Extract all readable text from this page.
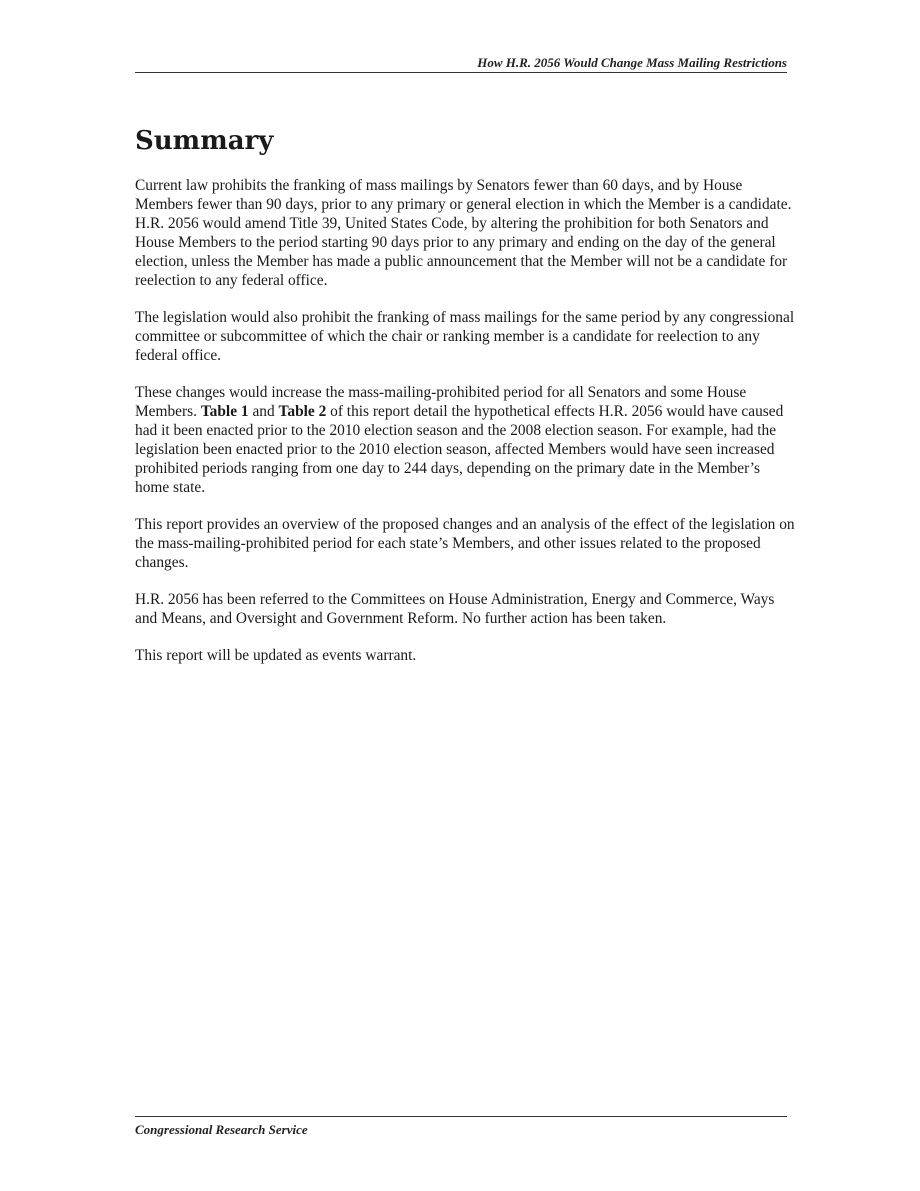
How H.R. 2056 Would Change Mass Mailing Restrictions
Summary

Current law prohibits the franking of mass mailings by Senators fewer than 60 days, and by House Members fewer than 90 days, prior to any primary or general election in which the Member is a candidate. H.R. 2056 would amend Title 39, United States Code, by altering the prohibition for both Senators and House Members to the period starting 90 days prior to any primary and ending on the day of the general election, unless the Member has made a public announcement that the Member will not be a candidate for reelection to any federal office.

The legislation would also prohibit the franking of mass mailings for the same period by any congressional committee or subcommittee of which the chair or ranking member is a candidate for reelection to any federal office.

These changes would increase the mass-mailing-prohibited period for all Senators and some House Members. Table 1 and Table 2 of this report detail the hypothetical effects H.R. 2056 would have caused had it been enacted prior to the 2010 election season and the 2008 election season. For example, had the legislation been enacted prior to the 2010 election season, affected Members would have seen increased prohibited periods ranging from one day to 244 days, depending on the primary date in the Member’s home state.

This report provides an overview of the proposed changes and an analysis of the effect of the legislation on the mass-mailing-prohibited period for each state’s Members, and other issues related to the proposed changes.

H.R. 2056 has been referred to the Committees on House Administration, Energy and Commerce, Ways and Means, and Oversight and Government Reform. No further action has been taken.

This report will be updated as events warrant.

Congressional Research Service
